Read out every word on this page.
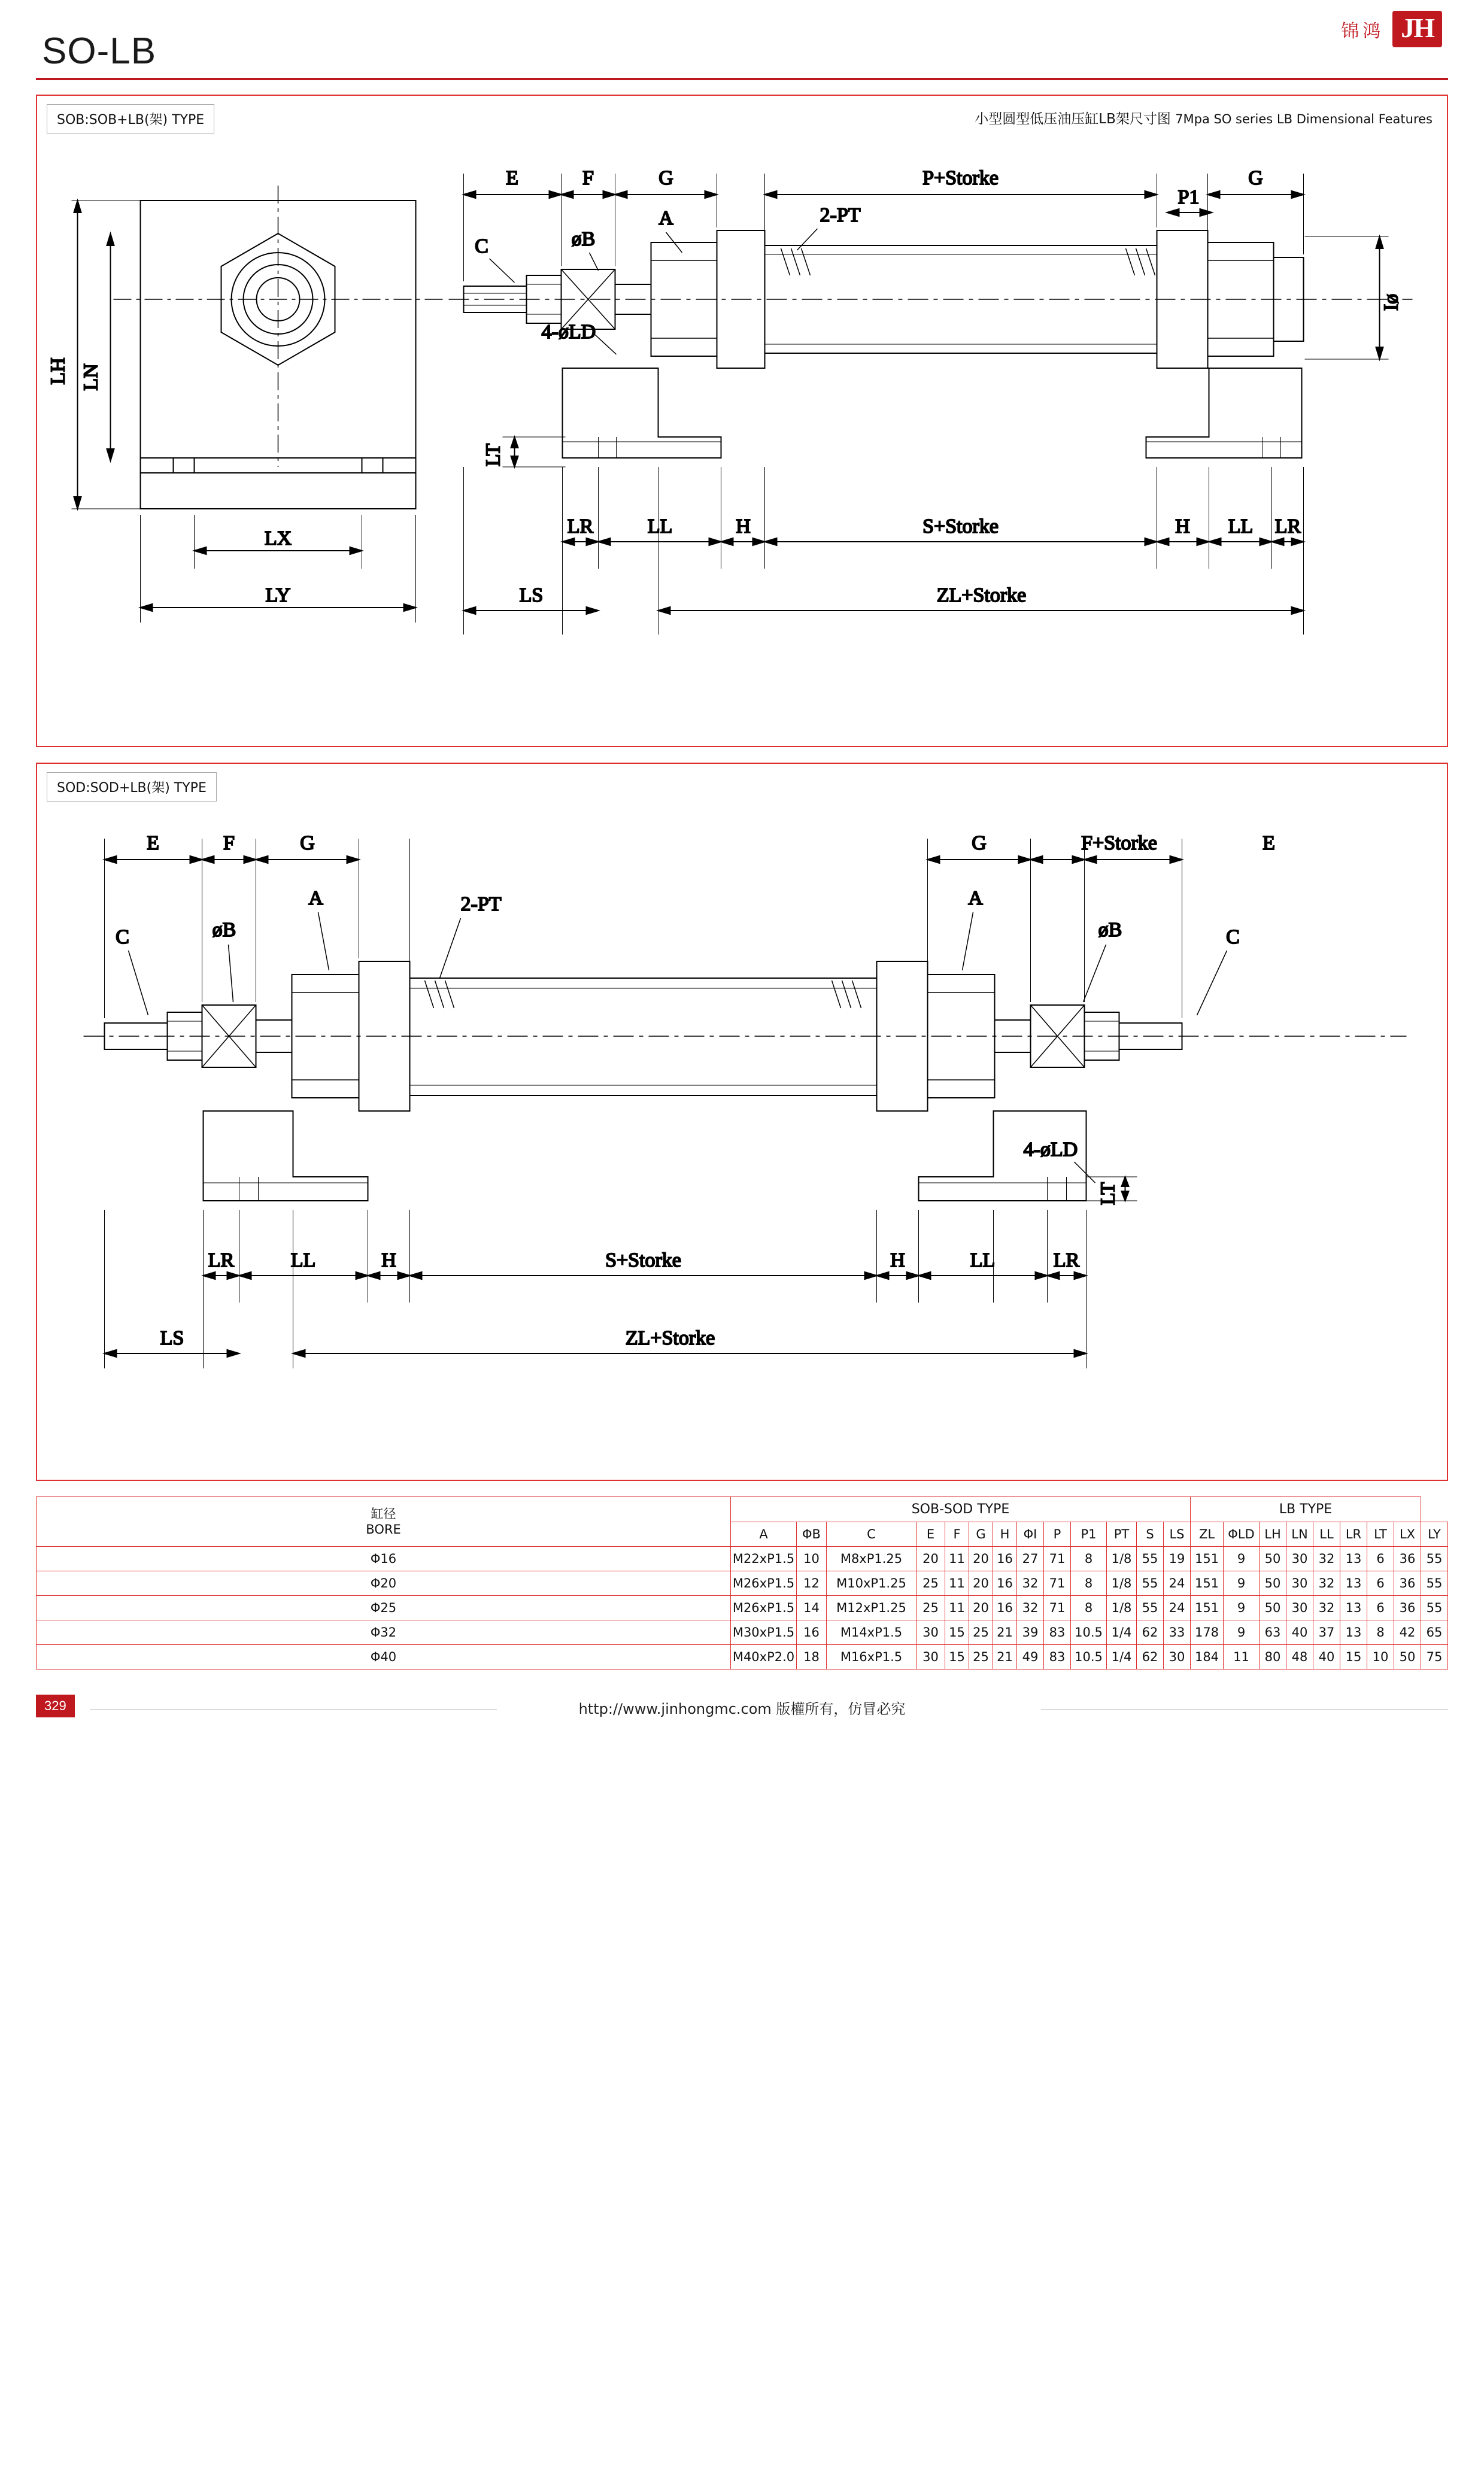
SO-LB	锦鸿 JH
SOB:SOB+LB(架) TYPE	小型圆型低压油压缸LB架尺寸图 7Mpa SO series LB Dimensional Features
LH LN
LX
LY
E	F	G	P+Storke	G
P1
Iø
A	2-PT
C	øB
4-øLD
LR	LL	H	S+Storke	H LL LR
LS	ZL+Storke
LT
SOD:SOD+LB(架) TYPE
E	F	G	G	F+Storke	E
A
øB
C
2-PT	A
øB	C
4-øLD
LT
LR	LL	H	S+Storke	H	LL	LR
LS	ZL+Storke
缸径
BORE	SOB-SOD TYPE													LB TYPE								
	A	ΦB	C	E	F	G	H	ΦI	P	P1	PT	S	LS	ZL	ΦLD	LH	LN	LL	LR	LT	LX	LY
Φ16	M22xP1.5	10	M8xP1.25	20	11	20	16	27	71	8	1/8	55	19	151	9	50	30	32	13	6	36	55
Φ20	M26xP1.5	12	M10xP1.25	25	11	20	16	32	71	8	1/8	55	24	151	9	50	30	32	13	6	36	55
Φ25	M26xP1.5	14	M12xP1.25	25	11	20	16	32	71	8	1/8	55	24	151	9	50	30	32	13	6	36	55
Φ32	M30xP1.5	16	M14xP1.5	30	15	25	21	39	83	10.5	1/4	62	33	178	9	63	40	37	13	8	42	65
Φ40	M40xP2.0	18	M16xP1.5	30	15	25	21	49	83	10.5	1/4	62	30	184	11	80	48	40	15	10	50	75
329	http://www.jinhongmc.com 版權所有，仿冒必究
